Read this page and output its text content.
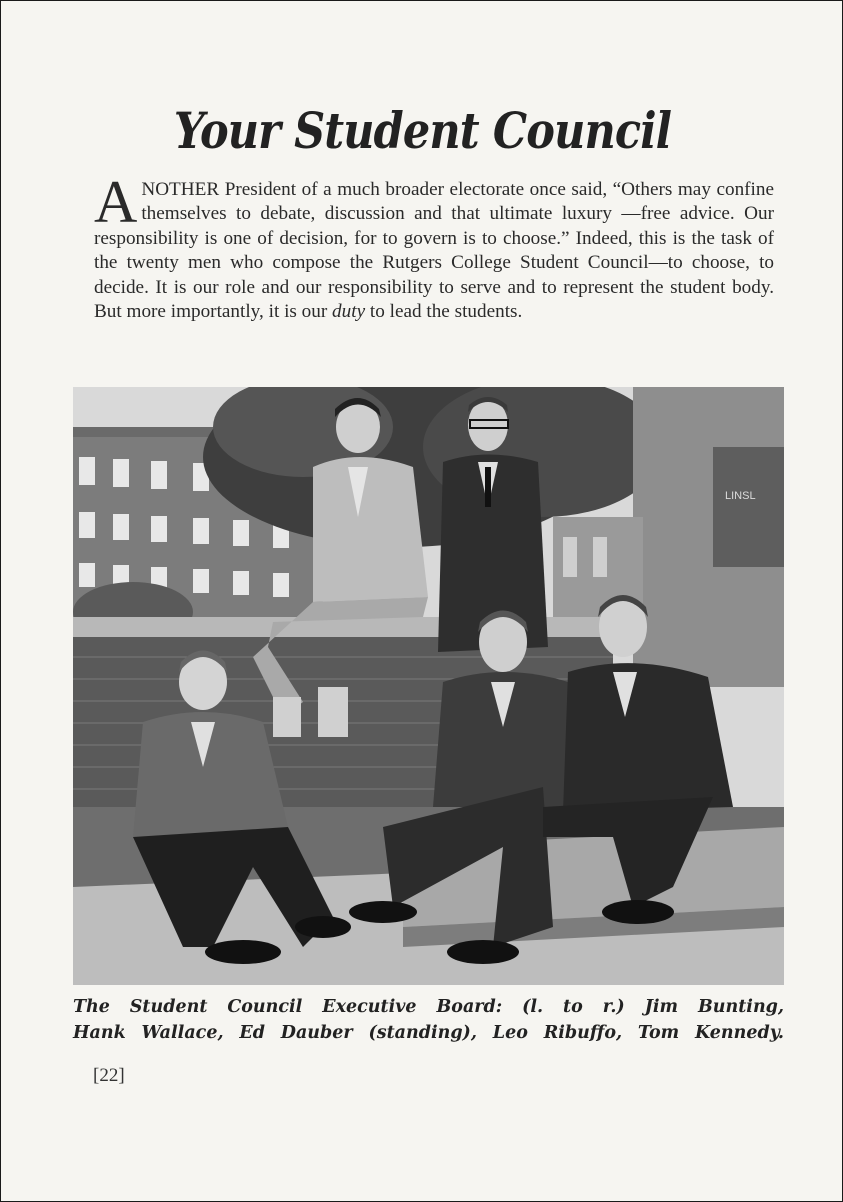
Your Student Council
ANOTHER President of a much broader electorate once said, “Others may confine themselves to debate, discussion and that ultimate luxury —free advice. Our responsibility is one of decision, for to govern is to choose.” Indeed, this is the task of the twenty men who compose the Rutgers College Student Council—to choose, to decide. It is our role and our responsibility to serve and to represent the student body. But more importantly, it is our duty to lead the students.
LINSL
The Student Council Executive Board: (l. to r.) Jim Bunting,
Hank Wallace, Ed Dauber (standing), Leo Ribuffo, Tom Kennedy.
[22]
